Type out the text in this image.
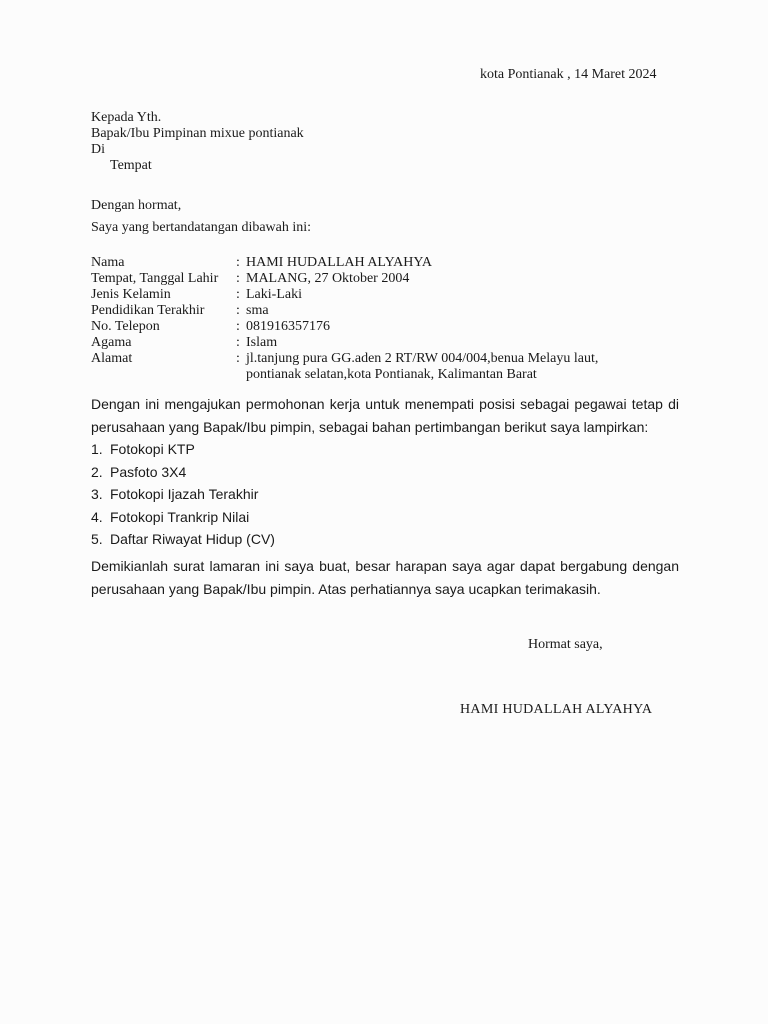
kota Pontianak , 14 Maret 2024
Kepada Yth.
Bapak/Ibu Pimpinan mixue pontianak
Di
Tempat
Dengan hormat,
Saya yang bertandatangan dibawah ini:
Nama	: HAMI HUDALLAH ALYAHYA
Tempat, Tanggal Lahir	: MALANG, 27 Oktober 2004
Jenis Kelamin	: Laki-Laki
Pendidikan Terakhir	: sma
No. Telepon	: 081916357176
Agama	: Islam
Alamat	: jl.tanjung pura GG.aden 2 RT/RW 004/004,benua Melayu laut,
pontianak selatan,kota Pontianak, Kalimantan Barat
Dengan ini mengajukan permohonan kerja untuk menempati posisi sebagai pegawai tetap di perusahaan yang Bapak/Ibu pimpin, sebagai bahan pertimbangan berikut saya lampirkan:
1. Fotokopi KTP
2. Pasfoto 3X4
3. Fotokopi Ijazah Terakhir
4. Fotokopi Trankrip Nilai
5. Daftar Riwayat Hidup (CV)
Demikianlah surat lamaran ini saya buat, besar harapan saya agar dapat bergabung dengan perusahaan yang Bapak/Ibu pimpin. Atas perhatiannya saya ucapkan terimakasih.
Hormat saya,
HAMI HUDALLAH ALYAHYA
